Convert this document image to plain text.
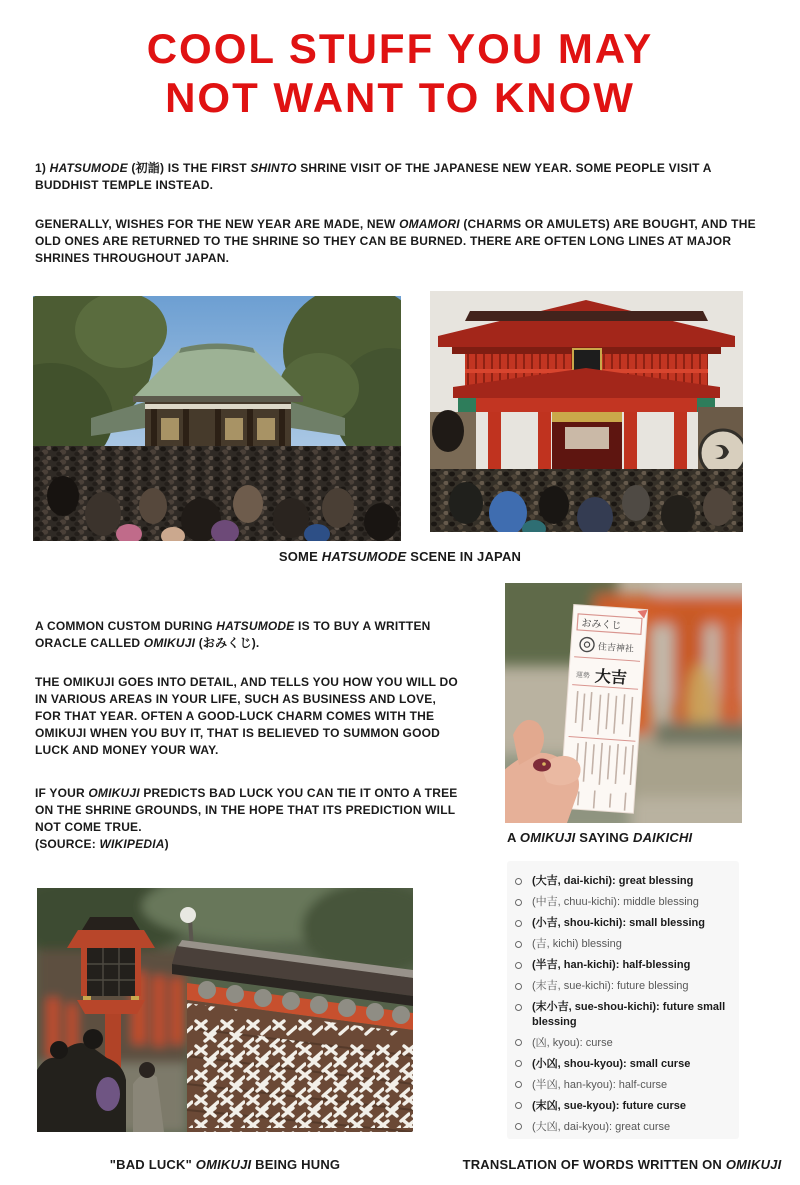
COOL STUFF YOU MAY
NOT WANT TO KNOW

1) HATSUMODE (初詣) IS THE FIRST SHINTO SHRINE VISIT OF THE JAPANESE NEW YEAR. SOME PEOPLE VISIT A BUDDHIST TEMPLE INSTEAD.

GENERALLY, WISHES FOR THE NEW YEAR ARE MADE, NEW OMAMORI (CHARMS OR AMULETS) ARE BOUGHT, AND THE OLD ONES ARE RETURNED TO THE SHRINE SO THEY CAN BE BURNED. THERE ARE OFTEN LONG LINES AT MAJOR SHRINES THROUGHOUT JAPAN.

SOME HATSUMODE SCENE IN JAPAN

A COMMON CUSTOM DURING HATSUMODE IS TO BUY A WRITTEN ORACLE CALLED OMIKUJI (おみくじ).

THE OMIKUJI GOES INTO DETAIL, AND TELLS YOU HOW YOU WILL DO IN VARIOUS AREAS IN YOUR LIFE, SUCH AS BUSINESS AND LOVE, FOR THAT YEAR. OFTEN A GOOD-LUCK CHARM COMES WITH THE OMIKUJI WHEN YOU BUY IT, THAT IS BELIEVED TO SUMMON GOOD LUCK AND MONEY YOUR WAY.

IF YOUR OMIKUJI PREDICTS BAD LUCK YOU CAN TIE IT ONTO A TREE ON THE SHRINE GROUNDS, IN THE HOPE THAT ITS PREDICTION WILL NOT COME TRUE.

(SOURCE: WIKIPEDIA)

おみくじ
住吉神社
運勢 大吉
A OMIKUJI SAYING DAIKICHI
(大吉, dai-kichi): great blessing
(中吉, chuu-kichi): middle blessing
(小吉, shou-kichi): small blessing
(吉, kichi) blessing
(半吉, han-kichi): half-blessing
(末吉, sue-kichi): future blessing
(末小吉, sue-shou-kichi): future small blessing
(凶, kyou): curse
(小凶, shou-kyou): small curse
(半凶, han-kyou): half-curse
(末凶, sue-kyou): future curse
(大凶, dai-kyou): great curse
"BAD LUCK" OMIKUJI BEING HUNG	TRANSLATION OF WORDS WRITTEN ON OMIKUJI
